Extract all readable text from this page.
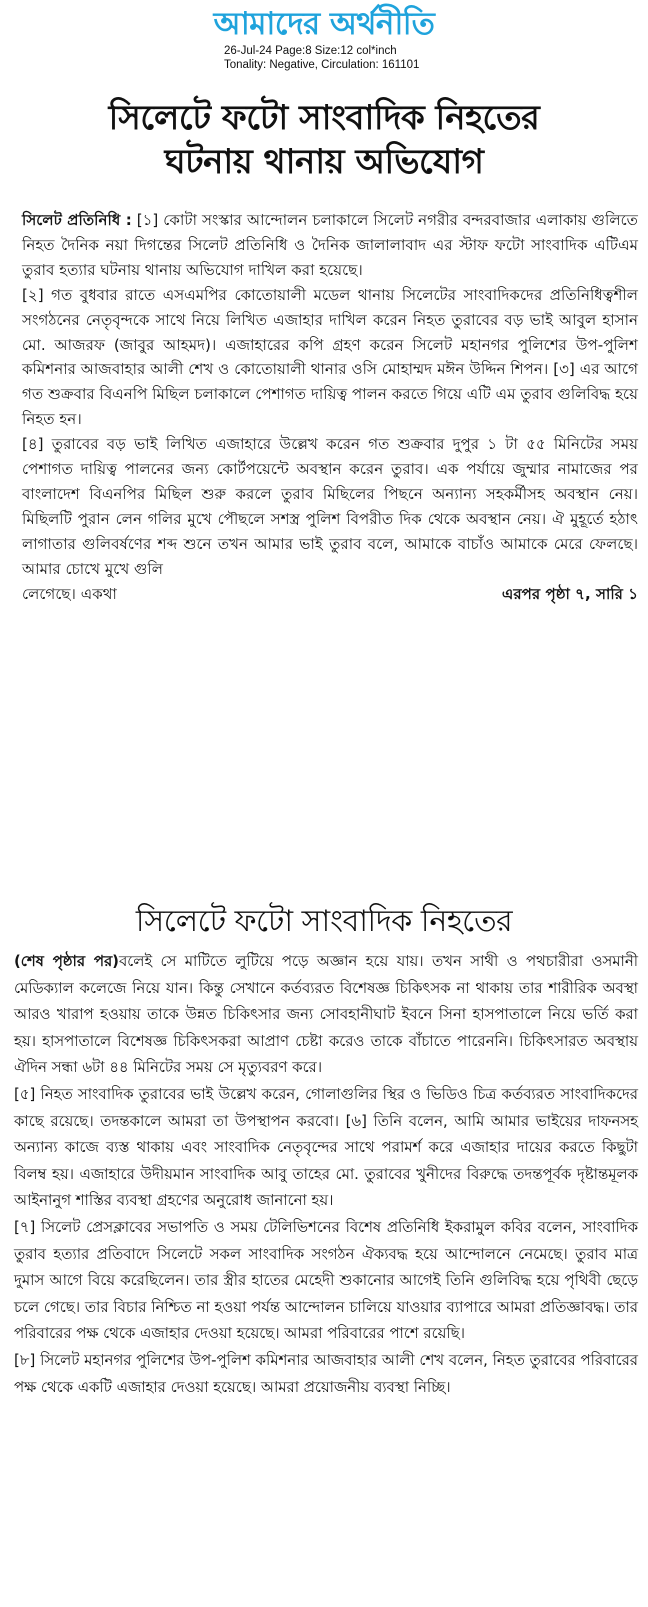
আমাদের অর্থনীতি
26-Jul-24 Page:8 Size:12 col*inch
Tonality: Negative, Circulation: 161101
সিলেটে ফটো সাংবাদিক নিহতের
ঘটনায় থানায় অভিযোগ

সিলেট প্রতিনিধি : [১] কোটা সংস্কার আন্দোলন চলাকালে সিলেট নগরীর বন্দরবাজার এলাকায় গুলিতে নিহত দৈনিক নয়া দিগন্তের সিলেট প্রতিনিধি ও দৈনিক জালালাবাদ এর স্টাফ ফটো সাংবাদিক এটিএম তুরাব হত্যার ঘটনায় থানায় অভিযোগ দাখিল করা হয়েছে।

[২] গত বুধবার রাতে এসএমপির কোতোয়ালী মডেল থানায় সিলেটের সাংবাদিকদের প্রতিনিধিত্বশীল সংগঠনের নেতৃবৃন্দকে সাথে নিয়ে লিখিত এজাহার দাখিল করেন নিহত তুরাবের বড় ভাই আবুল হাসান মো. আজরফ (জাবুর আহমদ)। এজাহারের কপি গ্রহণ করেন সিলেট মহানগর পুলিশের উপ-পুলিশ কমিশনার আজবাহার আলী শেখ ও কোতোয়ালী থানার ওসি মোহাম্মদ মঈন উদ্দিন শিপন। [৩] এর আগে গত শুক্রবার বিএনপি মিছিল চলাকালে পেশাগত দায়িত্ব পালন করতে গিয়ে এটি এম তুরাব গুলিবিদ্ধ হয়ে নিহত হন।

[৪] তুরাবের বড় ভাই লিখিত এজাহারে উল্লেখ করেন গত শুক্রবার দুপুর ১ টা ৫৫ মিনিটের সময় পেশাগত দায়িত্ব পালনের জন্য কোর্টপয়েন্টে অবস্থান করেন তুরাব। এক পর্যায়ে জুম্মার নামাজের পর বাংলাদেশ বিএনপির মিছিল শুরু করলে তুরাব মিছিলের পিছনে অন্যান্য সহকর্মীসহ অবস্থান নেয়। মিছিলটি পুরান লেন গলির মুখে পৌছলে সশস্ত্র পুলিশ বিপরীত দিক থেকে অবস্থান নেয়। ঐ মুহূর্তে হঠাৎ লাগাতার গুলিবর্ষণের শব্দ শুনে তখন আমার ভাই তুরাব বলে, আমাকে বাচাঁও আমাকে মেরে ফেলছে। আমার চোখে মুখে গুলি

লেগেছে। একথা	এরপর পৃষ্ঠা ৭, সারি ১

সিলেটে ফটো সাংবাদিক নিহতের

(শেষ পৃষ্ঠার পর)বলেই সে মাটিতে লুটিয়ে পড়ে অজ্ঞান হয়ে যায়। তখন সাথী ও পথচারীরা ওসমানী মেডিক্যাল কলেজে নিয়ে যান। কিন্তু সেখানে কর্তব্যরত বিশেষজ্ঞ চিকিৎসক না থাকায় তার শারীরিক অবস্থা আরও খারাপ হওয়ায় তাকে উন্নত চিকিৎসার জন্য সোবহানীঘাট ইবনে সিনা হাসপাতালে নিয়ে ভর্তি করা হয়। হাসপাতালে বিশেষজ্ঞ চিকিৎসকরা আপ্রাণ চেষ্টা করেও তাকে বাঁচাতে পারেননি। চিকিৎসারত অবস্থায় ঐদিন সন্ধা ৬টা ৪৪ মিনিটের সময় সে মৃত্যুবরণ করে।

[৫] নিহত সাংবাদিক তুরাবের ভাই উল্লেখ করেন, গোলাগুলির স্থির ও ভিডিও চিত্র কর্তব্যরত সাংবাদিকদের কাছে রয়েছে। তদন্তকালে আমরা তা উপস্থাপন করবো। [৬] তিনি বলেন, আমি আমার ভাইয়ের দাফনসহ অন্যান্য কাজে ব্যস্ত থাকায় এবং সাংবাদিক নেতৃবৃন্দের সাথে পরামর্শ করে এজাহার দায়ের করতে কিছুটা বিলম্ব হয়। এজাহারে উদীয়মান সাংবাদিক আবু তাহের মো. তুরাবের খুনীদের বিরুদ্ধে তদন্তপূর্বক দৃষ্টান্তমূলক আইনানুগ শাস্তির ব্যবস্থা গ্রহণের অনুরোধ জানানো হয়।

[৭] সিলেট প্রেসক্লাবের সভাপতি ও সময় টেলিভিশনের বিশেষ প্রতিনিধি ইকরামুল কবির বলেন, সাংবাদিক তুরাব হত্যার প্রতিবাদে সিলেটে সকল সাংবাদিক সংগঠন ঐক্যবদ্ধ হয়ে আন্দোলনে নেমেছে। তুরাব মাত্র দুমাস আগে বিয়ে করেছিলেন। তার স্ত্রীর হাতের মেহেদী শুকানোর আগেই তিনি গুলিবিদ্ধ হয়ে পৃথিবী ছেড়ে চলে গেছে। তার বিচার নিশ্চিত না হওয়া পর্যন্ত আন্দোলন চালিয়ে যাওয়ার ব্যাপারে আমরা প্রতিজ্ঞাবদ্ধ। তার পরিবারের পক্ষ থেকে এজাহার দেওয়া হয়েছে। আমরা পরিবারের পাশে রয়েছি।

[৮] সিলেট মহানগর পুলিশের উপ-পুলিশ কমিশনার আজবাহার আলী শেখ বলেন, নিহত তুরাবের পরিবারের পক্ষ থেকে একটি এজাহার দেওয়া হয়েছে। আমরা প্রয়োজনীয় ব্যবস্থা নিচ্ছি।
